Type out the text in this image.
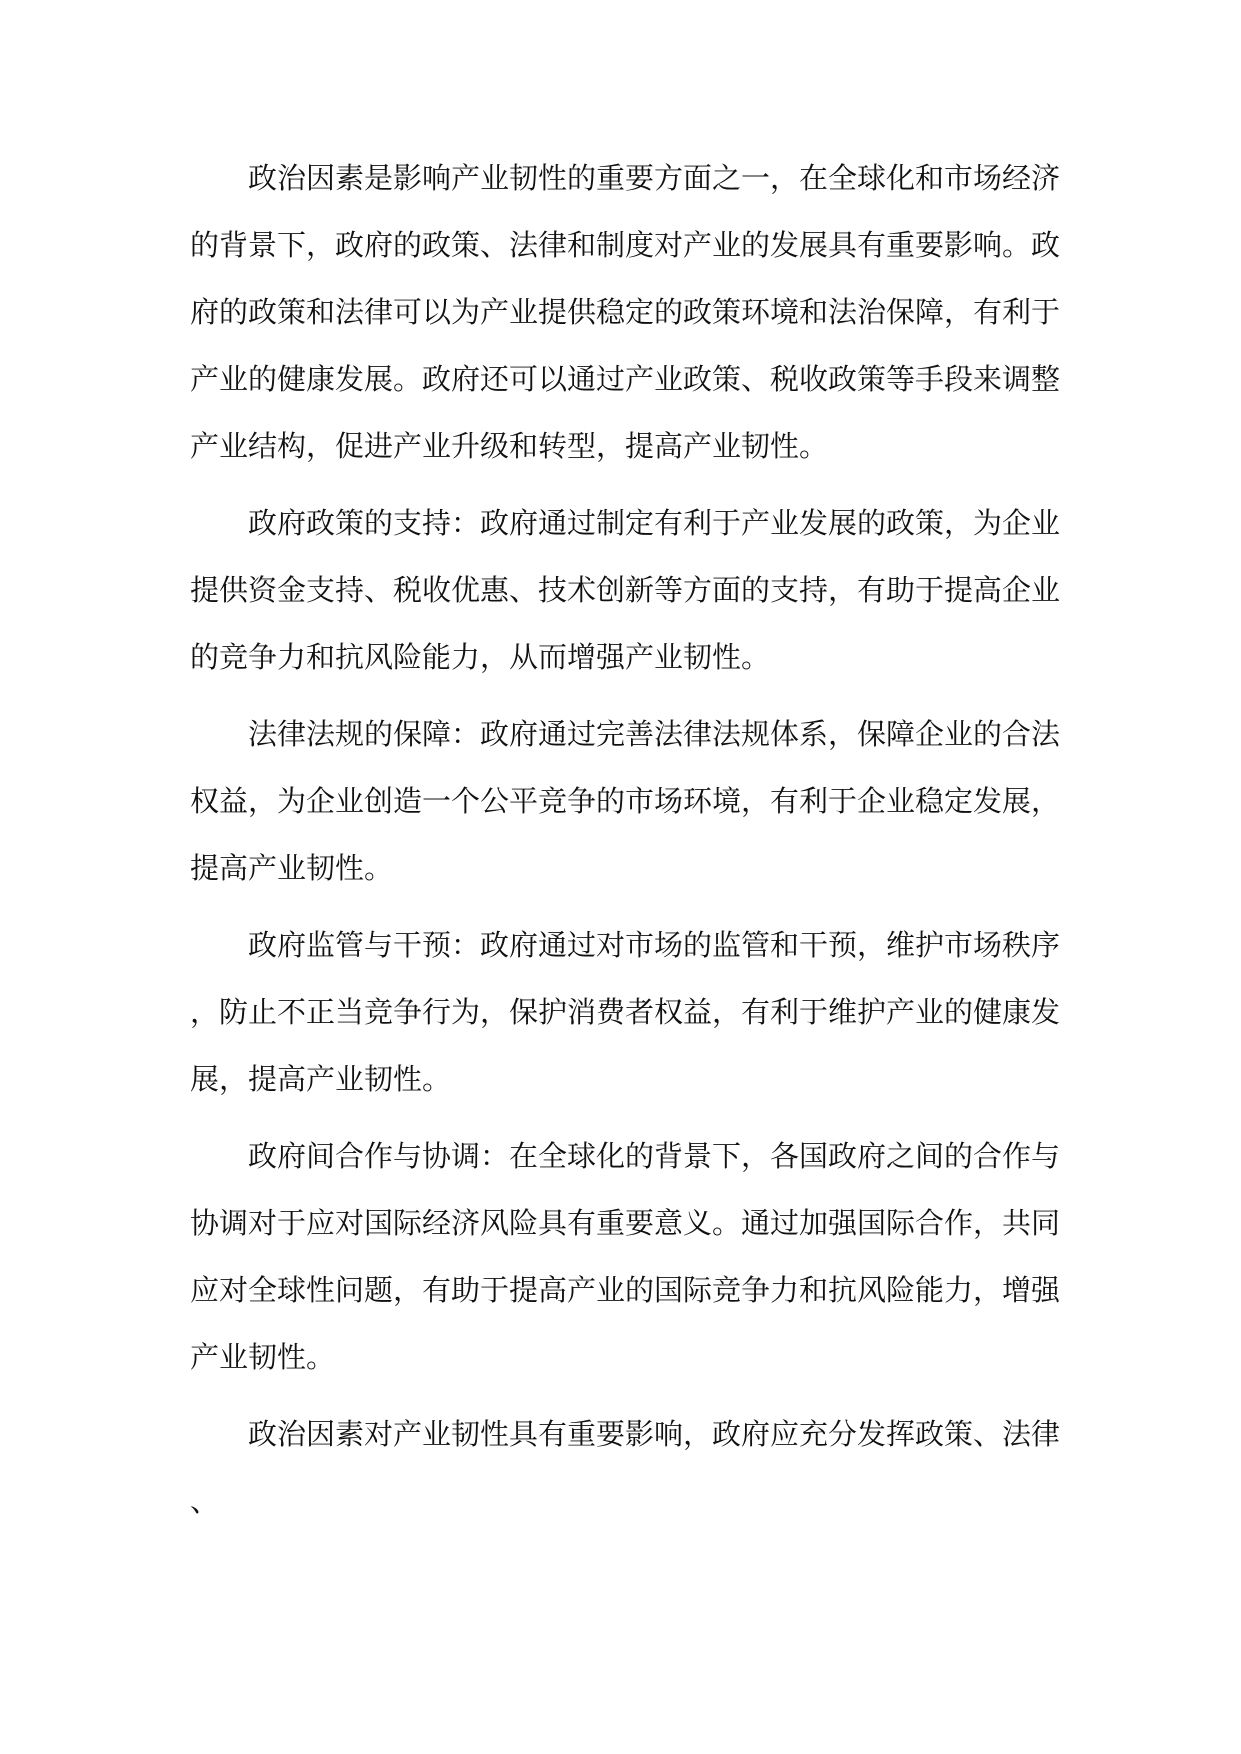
政治因素是影响产业韧性的重要方面之一，在全球化和市场经济的背景下，政府的政策、法律和制度对产业的发展具有重要影响。政府的政策和法律可以为产业提供稳定的政策环境和法治保障，有利于产业的健康发展。政府还可以通过产业政策、税收政策等手段来调整产业结构，促进产业升级和转型，提高产业韧性。

政府政策的支持：政府通过制定有利于产业发展的政策，为企业提供资金支持、税收优惠、技术创新等方面的支持，有助于提高企业的竞争力和抗风险能力，从而增强产业韧性。

法律法规的保障：政府通过完善法律法规体系，保障企业的合法权益，为企业创造一个公平竞争的市场环境，有利于企业稳定发展，提高产业韧性。

政府监管与干预：政府通过对市场的监管和干预，维护市场秩序，防止不正当竞争行为，保护消费者权益，有利于维护产业的健康发展，提高产业韧性。

政府间合作与协调：在全球化的背景下，各国政府之间的合作与协调对于应对国际经济风险具有重要意义。通过加强国际合作，共同应对全球性问题，有助于提高产业的国际竞争力和抗风险能力，增强产业韧性。

政治因素对产业韧性具有重要影响，政府应充分发挥政策、法律、
